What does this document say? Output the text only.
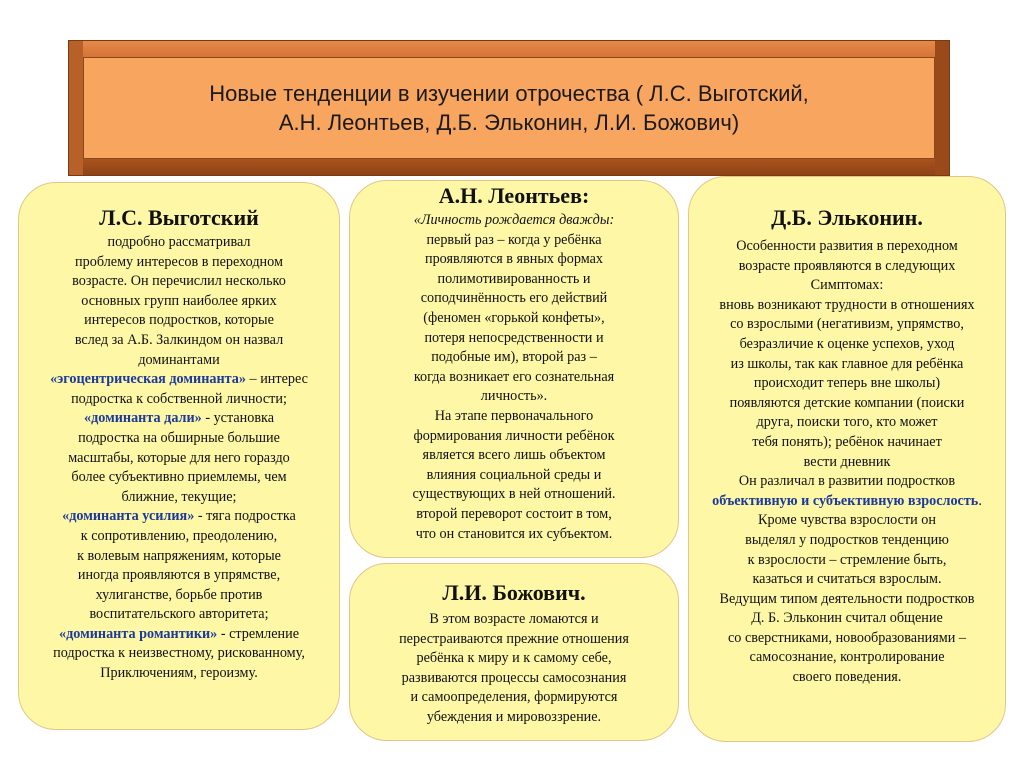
Новые тенденции в изучении отрочества ( Л.С. Выготский,
А.Н. Леонтьев, Д.Б. Эльконин, Л.И. Божович)
Л.С. Выготский
подробно рассматривал
проблему интересов в переходном
возрасте. Он перечислил несколько
основных групп наиболее ярких
интересов подростков, которые
вслед за А.Б. Залкиндом он назвал
доминантами
«эгоцентрическая доминанта» – интерес
подростка к собственной личности;
«доминанта дали» - установка
подростка на обширные большие
масштабы, которые для него гораздо
более субъективно приемлемы, чем
ближние, текущие;
«доминанта усилия» - тяга подростка
к сопротивлению, преодолению,
к волевым напряжениям, которые
иногда проявляются в упрямстве,
хулиганстве, борьбе против
воспитательского авторитета;
«доминанта романтики» - стремление
подростка к неизвестному, рискованному,
Приключениям, героизму.
А.Н. Леонтьев:
«Личность рождается дважды:
первый раз – когда у ребёнка
проявляются в явных формах
полимотивированность и
соподчинённость его действий
(феномен «горькой конфеты»,
потеря непосредственности и
подобные им), второй раз –
когда возникает его сознательная
личность».
На этапе первоначального
формирования личности ребёнок
является всего лишь объектом
влияния социальной среды и
существующих в ней отношений.
второй переворот состоит в том,
что он становится их субъектом.
Л.И. Божович.
В этом возрасте ломаются и
перестраиваются прежние отношения
ребёнка к миру и к самому себе,
развиваются процессы самосознания
и самоопределения, формируются
убеждения и мировоззрение.
Д.Б. Эльконин.
Особенности развития в переходном
возрасте проявляются в следующих
Симптомах:
вновь возникают трудности в отношениях
со взрослыми (негативизм, упрямство,
безразличие к оценке успехов, уход
из школы, так как главное для ребёнка
происходит теперь вне школы)
появляются детские компании (поиски
друга, поиски того, кто может
тебя понять); ребёнок начинает
вести дневник
Он различал в развитии подростков
объективную и субъективную взрослость.
Кроме чувства взрослости он
выделял у подростков тенденцию
к взрослости – стремление быть,
казаться и считаться взрослым.
Ведущим типом деятельности подростков
Д. Б. Эльконин считал общение
со сверстниками, новообразованиями –
самосознание, контролирование
своего поведения.
